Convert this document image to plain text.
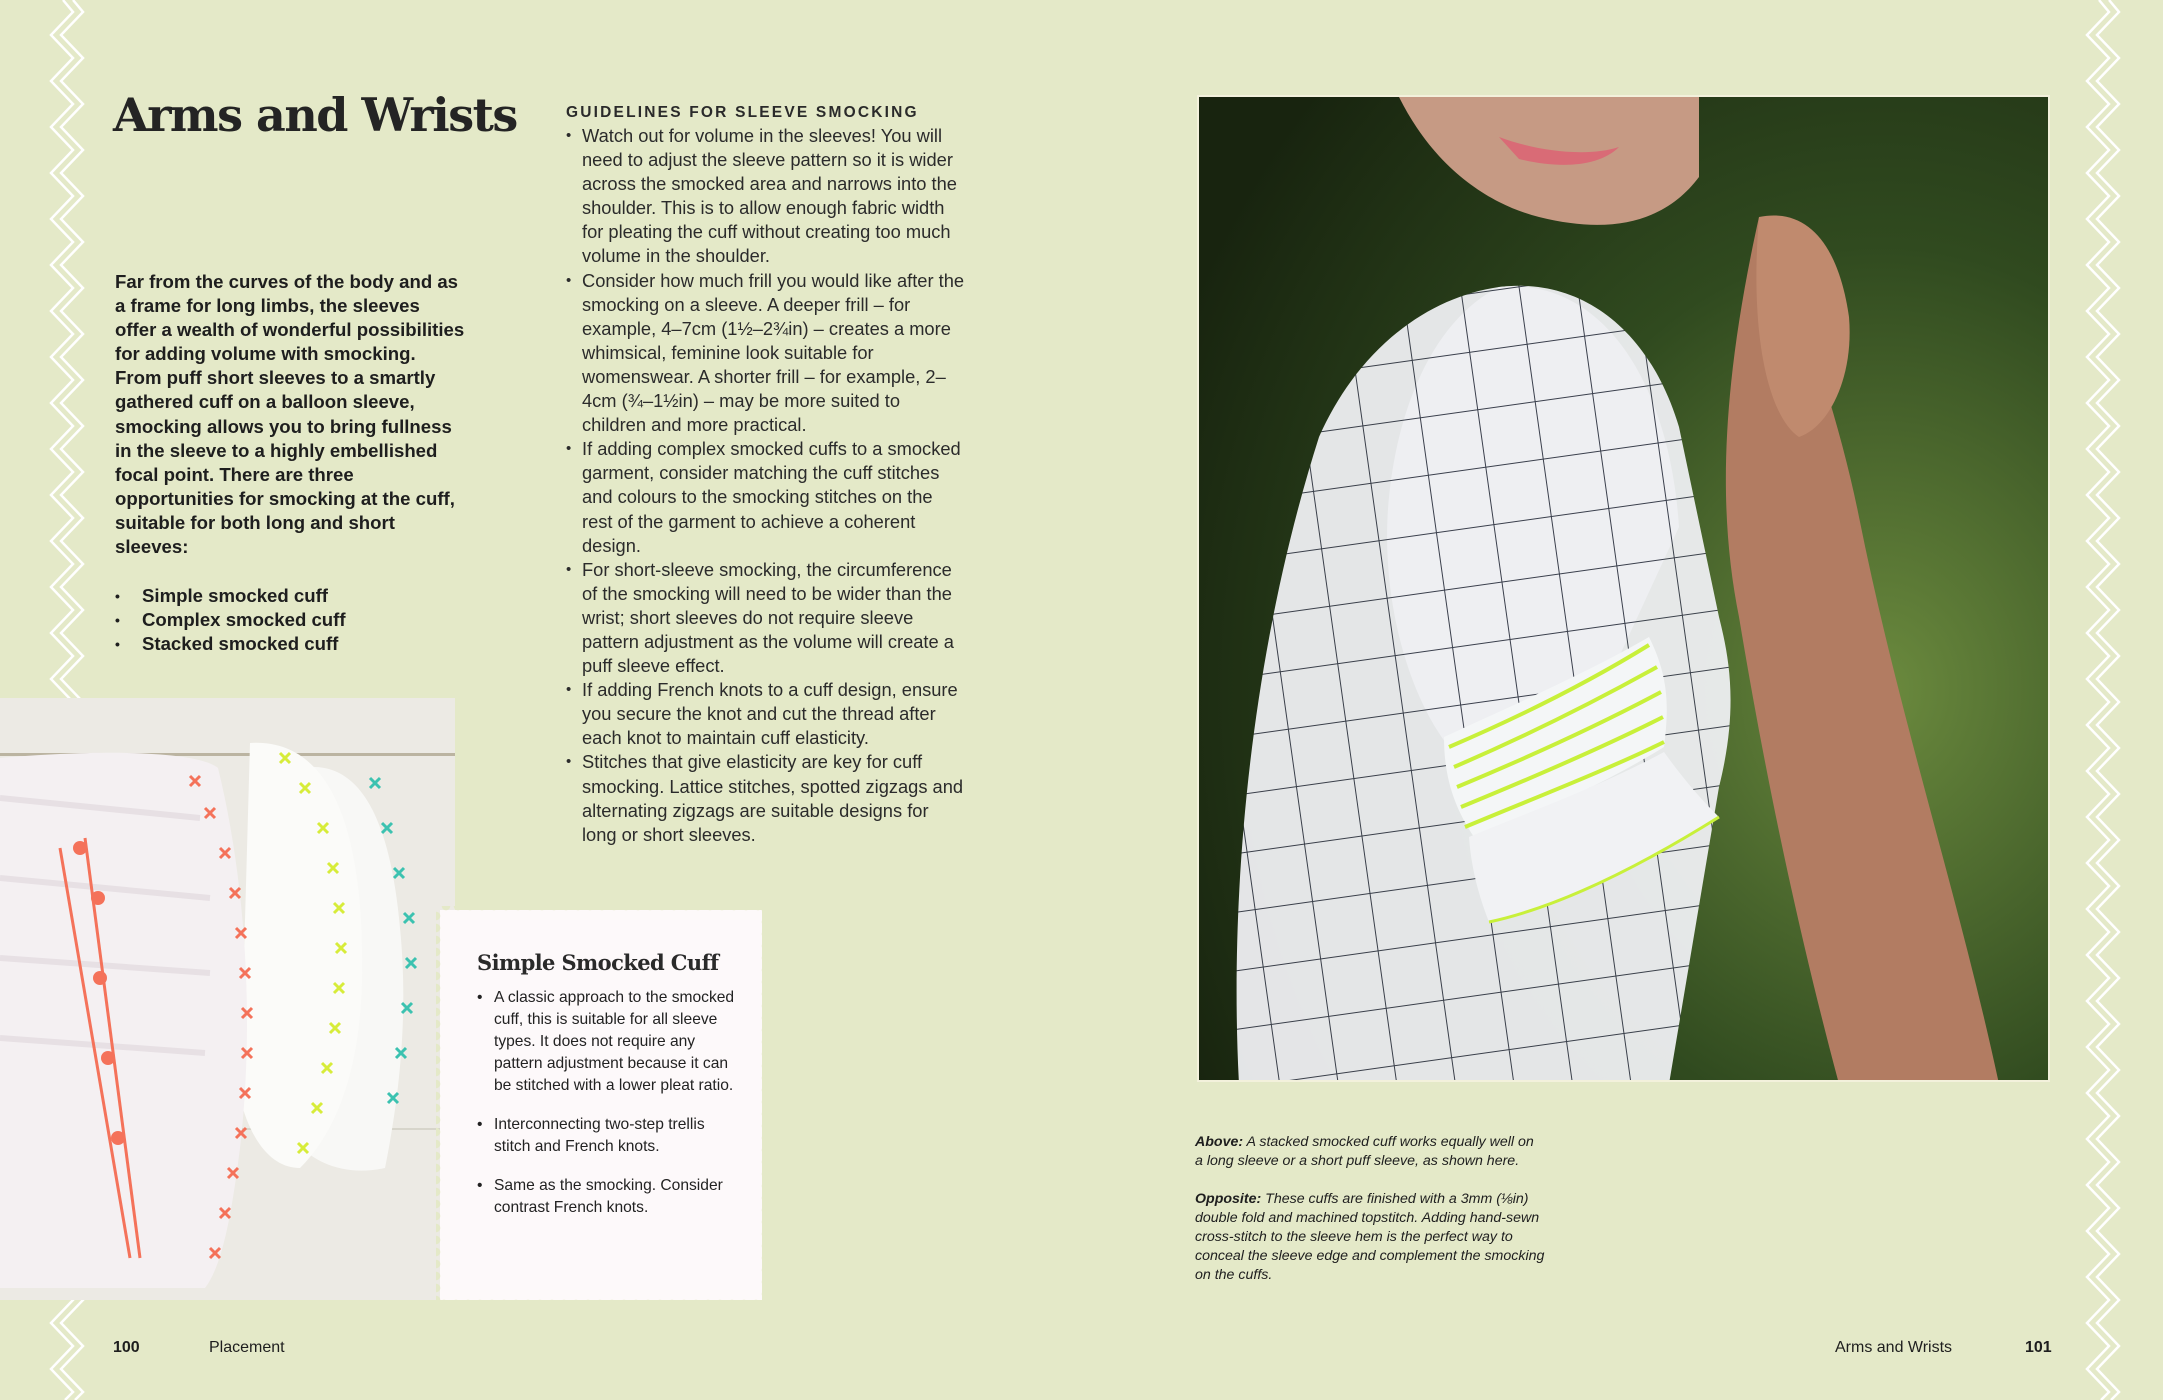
Arms and Wrists

Far from the curves of the body and as a frame for long limbs, the sleeves offer a wealth of wonderful possibilities for adding volume with smocking. From puff short sleeves to a smartly gathered cuff on a balloon sleeve, smocking allows you to bring fullness in the sleeve to a highly embellished focal point. There are three opportunities for smocking at the cuff, suitable for both long and short sleeves:

• Simple smocked cuff
• Complex smocked cuff
• Stacked smocked cuff
Simple Smocked Cuff
• A classic approach to the smocked cuff, this is suitable for all sleeve types. It does not require any pattern adjustment because it can be stitched with a lower pleat ratio.
• Interconnecting two-step trellis stitch and French knots.
• Same as the smocking. Consider contrast French knots.
GUIDELINES FOR SLEEVE SMOCKING
• Watch out for volume in the sleeves! You will need to adjust the sleeve pattern so it is wider across the smocked area and narrows into the shoulder. This is to allow enough fabric width for pleating the cuff without creating too much volume in the shoulder.
• Consider how much frill you would like after the smocking on a sleeve. A deeper frill – for example, 4–7cm (1½–2¾in) – creates a more whimsical, feminine look suitable for womenswear. A shorter frill – for example, 2–4cm (¾–1½in) – may be more suited to children and more practical.
• If adding complex smocked cuffs to a smocked garment, consider matching the cuff stitches and colours to the smocking stitches on the rest of the garment to achieve a coherent design.
• For short-sleeve smocking, the circumference of the smocking will need to be wider than the wrist; short sleeves do not require sleeve pattern adjustment as the volume will create a puff sleeve effect.
• If adding French knots to a cuff design, ensure you secure the knot and cut the thread after each knot to maintain cuff elasticity.
• Stitches that give elasticity are key for cuff smocking. Lattice stitches, spotted zigzags and alternating zigzags are suitable designs for long or short sleeves.
100	Placement

Above: A stacked smocked cuff works equally well on a long sleeve or a short puff sleeve, as shown here.

Opposite: These cuffs are finished with a 3mm (⅛in) double fold and machined topstitch. Adding hand-sewn cross-stitch to the sleeve hem is the perfect way to conceal the sleeve edge and complement the smocking on the cuffs.

Arms and Wrists	101
